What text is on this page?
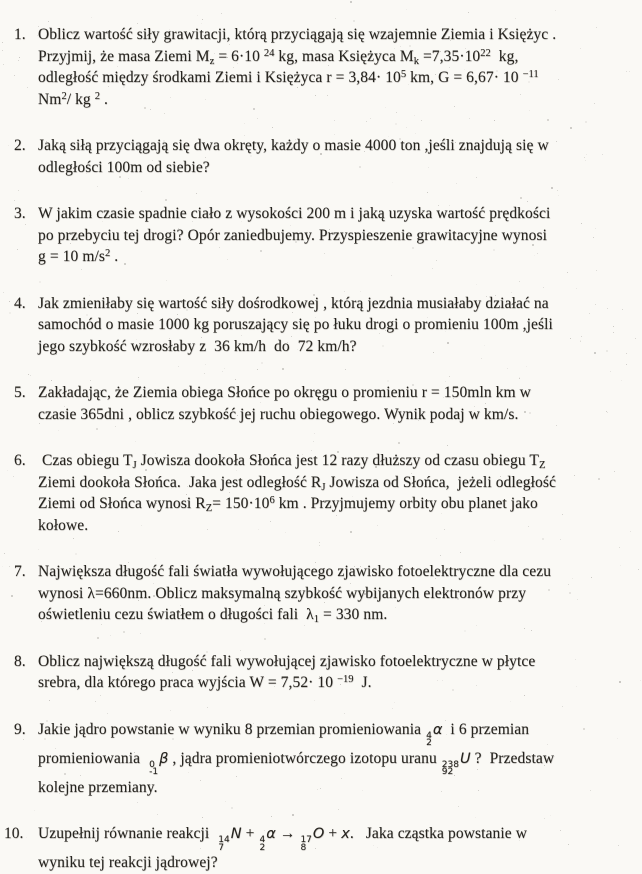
1. Oblicz wartość siły grawitacji, którą przyciągają się wzajemnie Ziemia i Księżyc .
Przyjmij, że masa Ziemi $M_z = 6\cdot 10$ $^{24}$ kg, masa Księżyca $M_k =7,35\cdot 10^{22}$  kg,
odległość między środkami Ziemi i Księżyca $r = 3,84\cdot 10^5$ km, G = 6,67· 10 $^{-11}$
Nm$^2$/ kg $^2$ .
2. Jaką siłą przyciągają się dwa okręty, każdy o masie 4000 ton ,jeśli znajdują się w
odległości 100m od siebie?
3. W jakim czasie spadnie ciało z wysokości 200 m i jaką uzyska wartość prędkości
po przebyciu tej drogi? Opór zaniedbujemy. Przyspieszenie grawitacyjne wynosi
g = 10 $m/s^2$ .
4. Jak zmieniłaby się wartość siły dośrodkowej , którą jezdnia musiałaby działać na
samochód o masie 1000 kg poruszający się po łuku drogi o promieniu 100m ,jeśli
jego szybkość wzrosłaby z  36 km/h  do  72 km/h?
5. Zakładając, że Ziemia obiega Słońce po okręgu o promieniu r = 150mln km w
czasie 365dni , oblicz szybkość jej ruchu obiegowego. Wynik podaj w km/s.
6. Czas obiegu $T_J$ Jowisza dookoła Słońca jest 12 razy dłuższy od czasu obiegu $T_Z$
Ziemi dookoła Słońca.  Jaka jest odległość $R_J$ Jowisza od Słońca,  jeżeli odległość
Ziemi od Słońca wynosi $R_Z= 150\cdot 10^6$ km . Przyjmujemy orbity obu planet jako
kołowe.
7. Największa długość fali światła wywołującego zjawisko fotoelektryczne dla cezu
wynosi λ=660nm. Oblicz maksymalną szybkość wybijanych elektronów przy
oświetleniu cezu światłem o długości fali  $\lambda_1 = 330$ nm.
8. Oblicz największą długość fali wywołującej zjawisko fotoelektryczne w płytce
srebra, dla którego praca wyjścia W = 7,52· 10 $^{-19}$  J.
9. Jakie jądro powstanie w wyniku 8 przemian promieniowania 4
2
α  i 6 przemian
promieniowania 0
-1
β , jądra promieniotwórczego izotopu uranu 238
92
U ?  Przedstaw
kolejne przemiany.
10. Uzupełnij równanie reakcji 14
7
N + 4
2
α → 17
8
O + x.   Jaka cząstka powstanie w
wyniku tej reakcji jądrowej?
